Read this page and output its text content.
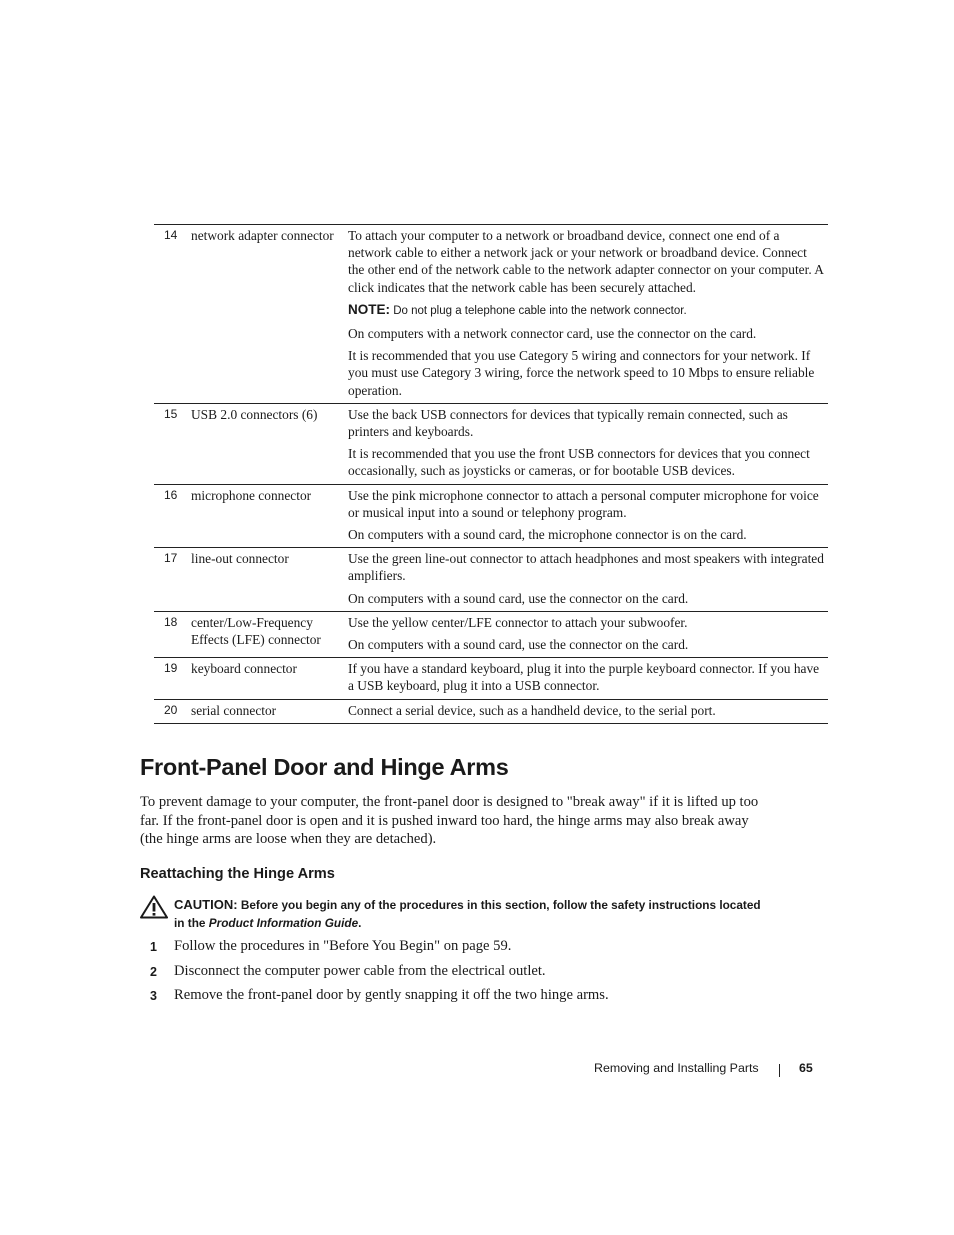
14	network adapter connector	To attach your computer to a network or broadband device, connect one end of a network cable to either a network jack or your network or broadband device. Connect the other end of the network cable to the network adapter connector on your computer. A click indicates that the network cable has been securely attached.

NOTE: Do not plug a telephone cable into the network connector.

On computers with a network connector card, use the connector on the card.

It is recommended that you use Category 5 wiring and connectors for your network. If you must use Category 3 wiring, force the network speed to 10 Mbps to ensure reliable operation.

15	USB 2.0 connectors (6)	Use the back USB connectors for devices that typically remain connected, such as printers and keyboards.

It is recommended that you use the front USB connectors for devices that you connect occasionally, such as joysticks or cameras, or for bootable USB devices.

16	microphone connector	Use the pink microphone connector to attach a personal computer microphone for voice or musical input into a sound or telephony program.

On computers with a sound card, the microphone connector is on the card.

17	line-out connector	Use the green line-out connector to attach headphones and most speakers with integrated amplifiers.

On computers with a sound card, use the connector on the card.

18	center/Low-Frequency Effects (LFE) connector	Use the yellow center/LFE connector to attach your subwoofer.

On computers with a sound card, use the connector on the card.

19	keyboard connector	If you have a standard keyboard, plug it into the purple keyboard connector. If you have a USB keyboard, plug it into a USB connector.

20	serial connector	Connect a serial device, such as a handheld device, to the serial port.

Front-Panel Door and Hinge Arms

To prevent damage to your computer, the front-panel door is designed to "break away" if it is lifted up too far. If the front-panel door is open and it is pushed inward too hard, the hinge arms may also break away (the hinge arms are loose when they are detached).

Reattaching the Hinge Arms
CAUTION: Before you begin any of the procedures in this section, follow the safety instructions located in the Product Information Guide.
1 Follow the procedures in "Before You Begin" on page 59.
2 Disconnect the computer power cable from the electrical outlet.
3 Remove the front-panel door by gently snapping it off the two hinge arms.
Removing and Installing Parts	65
